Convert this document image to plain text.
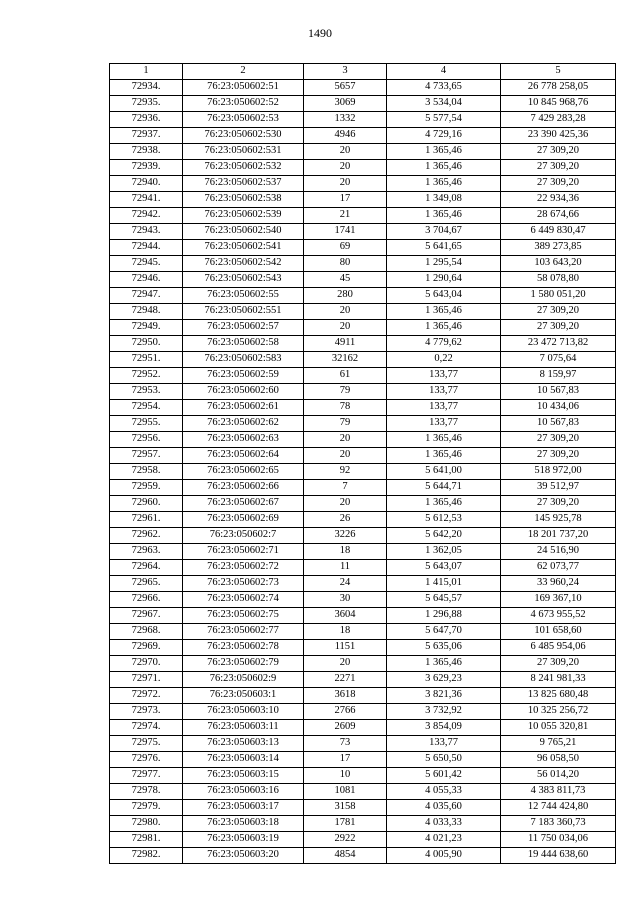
1490
1	2	3	4	5
72934.	76:23:050602:51	5657	4 733,65	26 778 258,05
72935.	76:23:050602:52	3069	3 534,04	10 845 968,76
72936.	76:23:050602:53	1332	5 577,54	7 429 283,28
72937.	76:23:050602:530	4946	4 729,16	23 390 425,36
72938.	76:23:050602:531	20	1 365,46	27 309,20
72939.	76:23:050602:532	20	1 365,46	27 309,20
72940.	76:23:050602:537	20	1 365,46	27 309,20
72941.	76:23:050602:538	17	1 349,08	22 934,36
72942.	76:23:050602:539	21	1 365,46	28 674,66
72943.	76:23:050602:540	1741	3 704,67	6 449 830,47
72944.	76:23:050602:541	69	5 641,65	389 273,85
72945.	76:23:050602:542	80	1 295,54	103 643,20
72946.	76:23:050602:543	45	1 290,64	58 078,80
72947.	76:23:050602:55	280	5 643,04	1 580 051,20
72948.	76:23:050602:551	20	1 365,46	27 309,20
72949.	76:23:050602:57	20	1 365,46	27 309,20
72950.	76:23:050602:58	4911	4 779,62	23 472 713,82
72951.	76:23:050602:583	32162	0,22	7 075,64
72952.	76:23:050602:59	61	133,77	8 159,97
72953.	76:23:050602:60	79	133,77	10 567,83
72954.	76:23:050602:61	78	133,77	10 434,06
72955.	76:23:050602:62	79	133,77	10 567,83
72956.	76:23:050602:63	20	1 365,46	27 309,20
72957.	76:23:050602:64	20	1 365,46	27 309,20
72958.	76:23:050602:65	92	5 641,00	518 972,00
72959.	76:23:050602:66	7	5 644,71	39 512,97
72960.	76:23:050602:67	20	1 365,46	27 309,20
72961.	76:23:050602:69	26	5 612,53	145 925,78
72962.	76:23:050602:7	3226	5 642,20	18 201 737,20
72963.	76:23:050602:71	18	1 362,05	24 516,90
72964.	76:23:050602:72	11	5 643,07	62 073,77
72965.	76:23:050602:73	24	1 415,01	33 960,24
72966.	76:23:050602:74	30	5 645,57	169 367,10
72967.	76:23:050602:75	3604	1 296,88	4 673 955,52
72968.	76:23:050602:77	18	5 647,70	101 658,60
72969.	76:23:050602:78	1151	5 635,06	6 485 954,06
72970.	76:23:050602:79	20	1 365,46	27 309,20
72971.	76:23:050602:9	2271	3 629,23	8 241 981,33
72972.	76:23:050603:1	3618	3 821,36	13 825 680,48
72973.	76:23:050603:10	2766	3 732,92	10 325 256,72
72974.	76:23:050603:11	2609	3 854,09	10 055 320,81
72975.	76:23:050603:13	73	133,77	9 765,21
72976.	76:23:050603:14	17	5 650,50	96 058,50
72977.	76:23:050603:15	10	5 601,42	56 014,20
72978.	76:23:050603:16	1081	4 055,33	4 383 811,73
72979.	76:23:050603:17	3158	4 035,60	12 744 424,80
72980.	76:23:050603:18	1781	4 033,33	7 183 360,73
72981.	76:23:050603:19	2922	4 021,23	11 750 034,06
72982.	76:23:050603:20	4854	4 005,90	19 444 638,60
